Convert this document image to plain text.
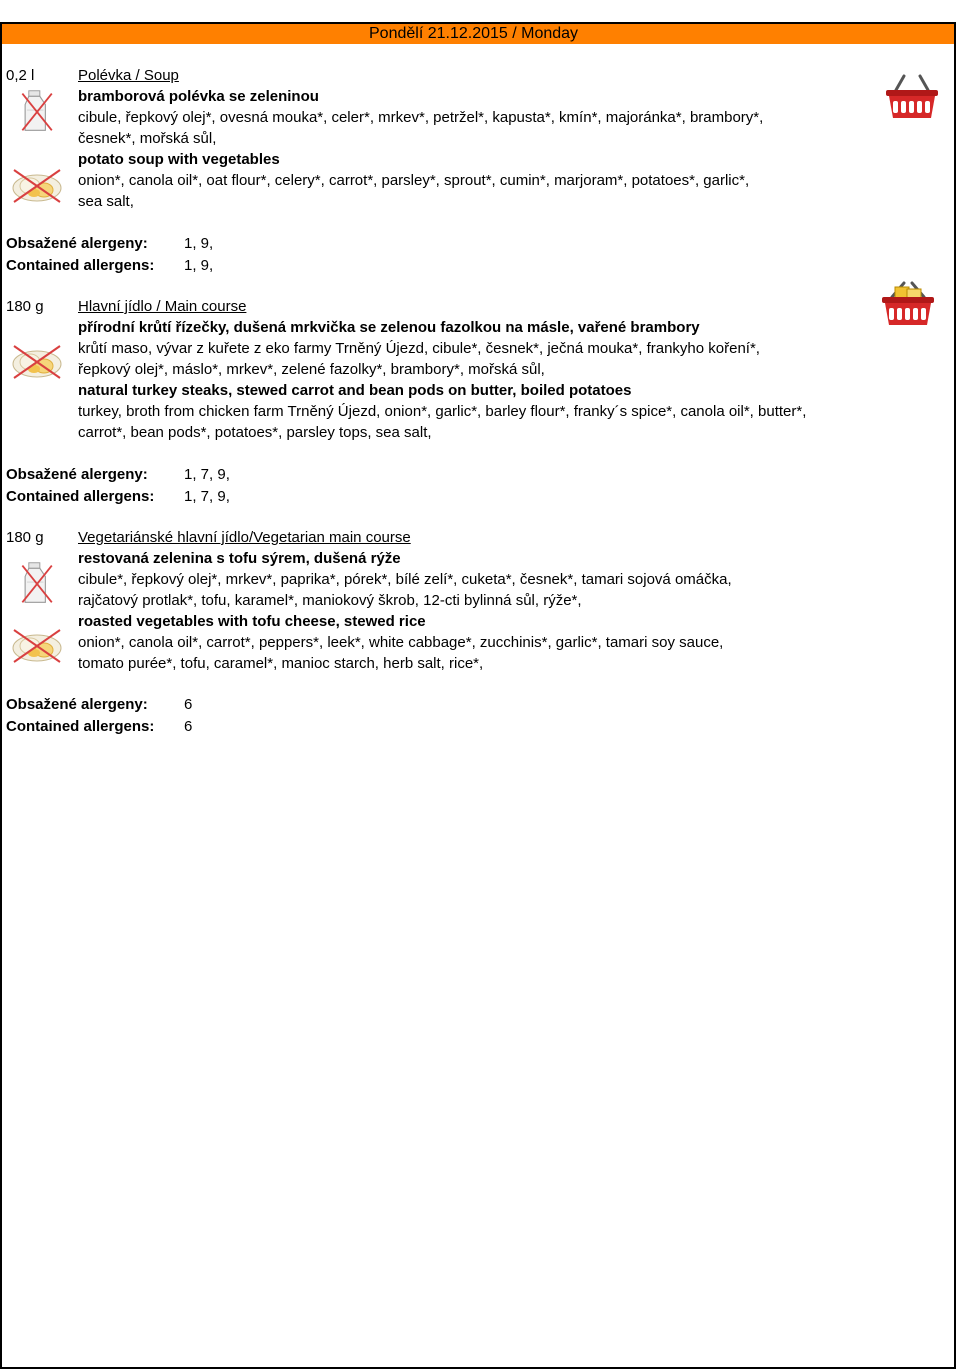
Pondělí 21.12.2015 / Monday
0,2 l	Polévka / Soup
bramborová polévka se zeleninou
cibule, řepkový olej*, ovesná mouka*, celer*, mrkev*, petržel*, kapusta*, kmín*, majoránka*, brambory*,
česnek*, mořská sůl,
potato soup with vegetables
onion*, canola oil*, oat flour*, celery*, carrot*, parsley*, sprout*, cumin*, marjoram*, potatoes*, garlic*,
sea salt,
Obsažené alergeny: 1, 9,
Contained allergens: 1, 9,
180 g Hlavní jídlo / Main course
přírodní krůtí řízečky, dušená mrkvička se zelenou fazolkou na másle, vařené brambory
krůtí maso, vývar z kuřete z eko farmy Trněný Újezd, cibule*, česnek*, ječná mouka*, frankyho koření*,
řepkový olej*, máslo*, mrkev*, zelené fazolky*, brambory*, mořská sůl,
natural turkey steaks, stewed carrot and bean pods on butter, boiled potatoes
turkey, broth from chicken farm Trněný Újezd, onion*, garlic*, barley flour*, franky´s spice*, canola oil*, butter*,
carrot*, bean pods*, potatoes*, parsley tops, sea salt,
Obsažené alergeny: 1, 7, 9,
Contained allergens: 1, 7, 9,
180 g Vegetariánské hlavní jídlo/Vegetarian main course
restovaná zelenina s tofu sýrem, dušená rýže
cibule*, řepkový olej*, mrkev*, paprika*, pórek*, bílé zelí*, cuketa*, česnek*, tamari sojová omáčka,
rajčatový protlak*, tofu, karamel*, maniokový škrob, 12-cti bylinná sůl, rýže*,
roasted vegetables with tofu cheese, stewed rice
onion*, canola oil*, carrot*, peppers*, leek*, white cabbage*, zucchinis*, garlic*, tamari soy sauce,
tomato purée*, tofu, caramel*, manioc starch, herb salt, rice*,
Obsažené alergeny: 6
Contained allergens: 6
